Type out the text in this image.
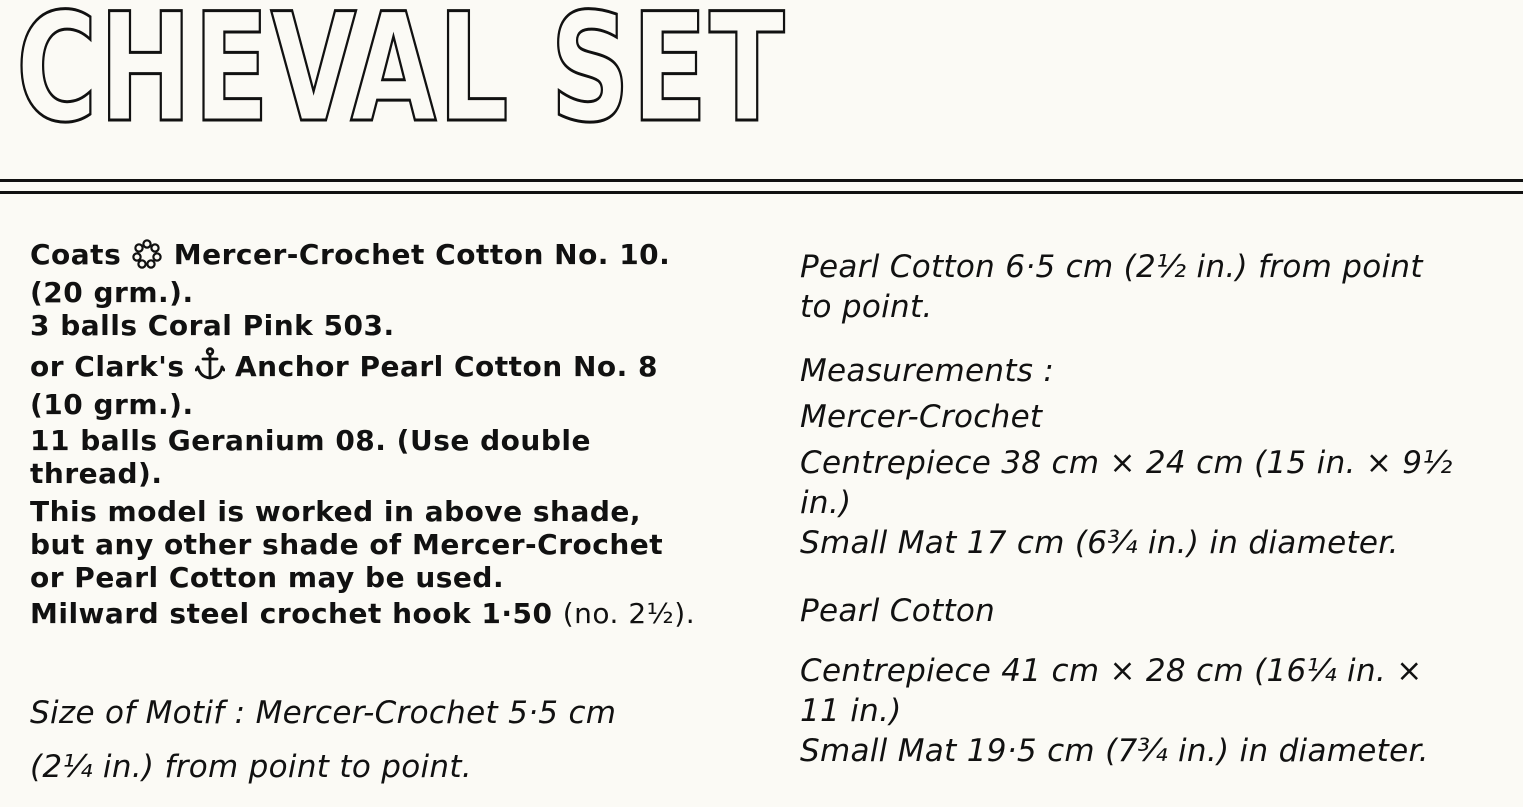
CHEVAL SET
Coats Mercer-Crochet Cotton No. 10.
(20 grm.).
3 balls Coral Pink 503.
or Clark's Anchor Pearl Cotton No. 8
(10 grm.).
11 balls Geranium 08. (Use double
thread).
This model is worked in above shade,
but any other shade of Mercer-Crochet
or Pearl Cotton may be used.
Milward steel crochet hook 1·50 (no. 2½).
Size of Motif : Mercer-Crochet 5·5 cm
(2¼ in.) from point to point.
Pearl Cotton 6·5 cm (2½ in.) from point
to point.
Measurements :
Mercer-Crochet
Centrepiece 38 cm × 24 cm (15 in. × 9½
in.)
Small Mat 17 cm (6¾ in.) in diameter.
Pearl Cotton
Centrepiece 41 cm × 28 cm (16¼ in. ×
11 in.)
Small Mat 19·5 cm (7¾ in.) in diameter.
